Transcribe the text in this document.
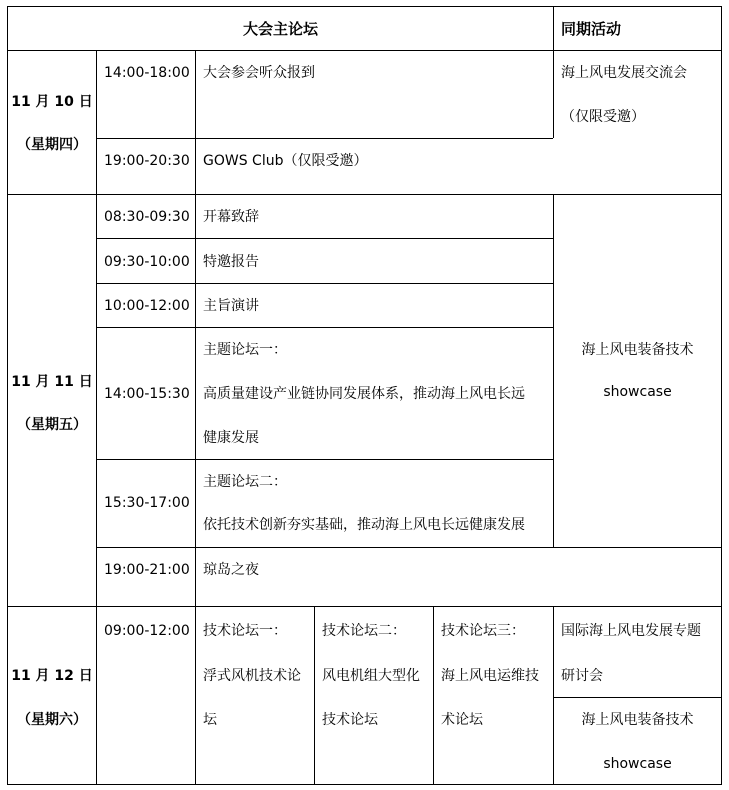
大会主论坛	同期活动
11 月 10 日
（星期四）
14:00-18:00 大会参会听众报到
19:00-20:30 GOWS Club（仅限受邀）
海上风电发展交流会
（仅限受邀）
11 月 11 日
（星期五）
08:30-09:30 开幕致辞
09:30-10:00 特邀报告
10:00-12:00 主旨演讲
14:00-15:30
主题论坛一：
高质量建设产业链协同发展体系，推动海上风电长远
健康发展
15:30-17:00
主题论坛二：
依托技术创新夯实基础，推动海上风电长远健康发展
19:00-21:00 琼岛之夜
海上风电装备技术
showcase
11 月 12 日
（星期六）
09:00-12:00 技术论坛一：
浮式风机技术论
坛
技术论坛二：
风电机组大型化
技术论坛
技术论坛三：
海上风电运维技
术论坛
国际海上风电发展专题
研讨会
海上风电装备技术
showcase
